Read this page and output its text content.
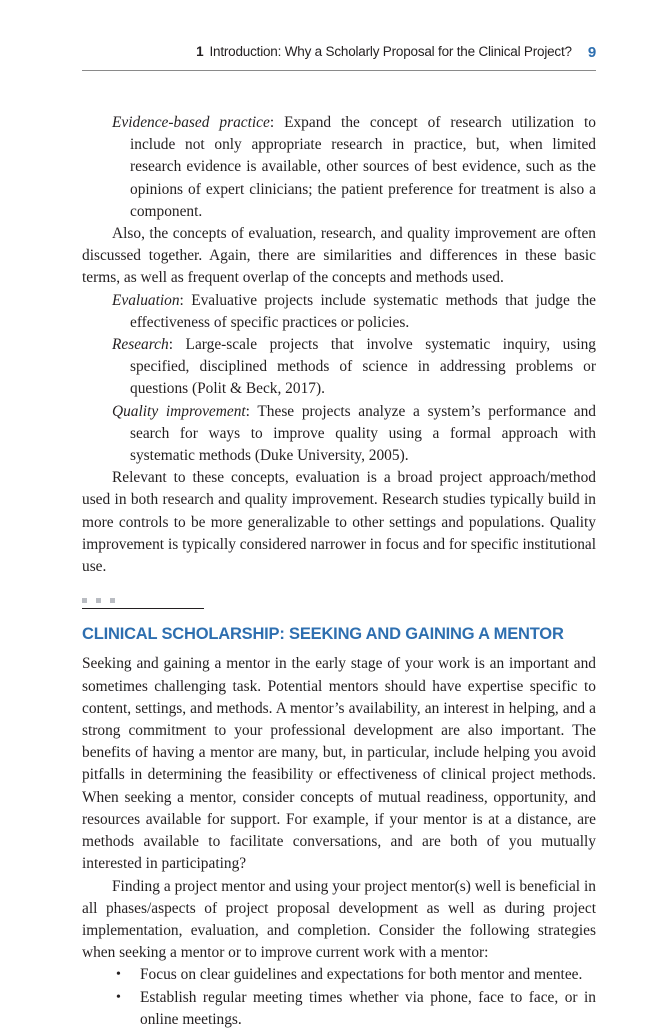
1 Introduction: Why a Scholarly Proposal for the Clinical Project? 9

Evidence-based practice: Expand the concept of research utilization to include not only appropriate research in practice, but, when limited research evidence is available, other sources of best evidence, such as the opinions of expert clinicians; the patient preference for treatment is also a component.

Also, the concepts of evaluation, research, and quality improvement are often discussed together. Again, there are similarities and differences in these basic terms, as well as frequent overlap of the concepts and methods used.

Evaluation: Evaluative projects include systematic methods that judge the effectiveness of specific practices or policies.

Research: Large-scale projects that involve systematic inquiry, using specified, disciplined methods of science in addressing problems or questions (Polit & Beck, 2017).

Quality improvement: These projects analyze a system’s performance and search for ways to improve quality using a formal approach with systematic methods (Duke University, 2005).

Relevant to these concepts, evaluation is a broad project approach/method used in both research and quality improvement. Research studies typically build in more controls to be more generalizable to other settings and populations. Quality improvement is typically considered narrower in focus and for specific institutional use.

CLINICAL SCHOLARSHIP: SEEKING AND GAINING A MENTOR

Seeking and gaining a mentor in the early stage of your work is an important and sometimes challenging task. Potential mentors should have expertise specific to content, settings, and methods. A mentor’s availability, an interest in helping, and a strong commitment to your professional development are also important. The benefits of having a mentor are many, but, in particular, include helping you avoid pitfalls in determining the feasibility or effectiveness of clinical project methods. When seeking a mentor, consider concepts of mutual readiness, opportunity, and resources available for support. For example, if your mentor is at a distance, are methods available to facilitate conversations, and are both of you mutually interested in participating?

Finding a project mentor and using your project mentor(s) well is beneficial in all phases/aspects of project proposal development as well as during project implementation, evaluation, and completion. Consider the following strategies when seeking a mentor or to improve current work with a mentor:

• Focus on clear guidelines and expectations for both mentor and mentee.
• Establish regular meeting times whether via phone, face to face, or in online meetings.
